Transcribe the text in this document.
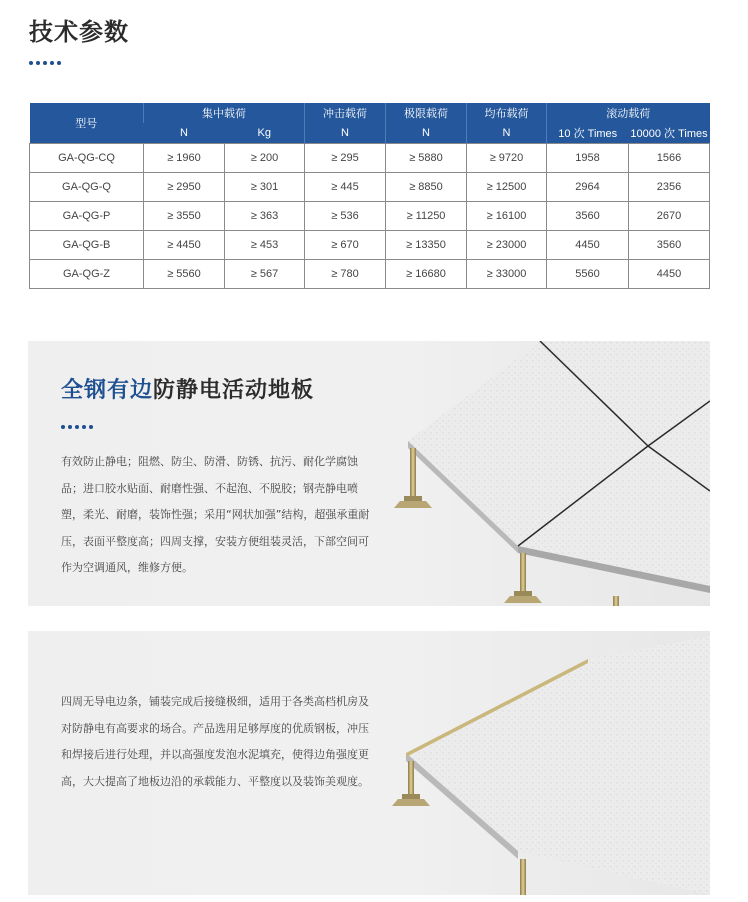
技术参数
型号	集中载荷		冲击载荷	极限载荷	均布载荷	滚动载荷	
	N	Kg	N	N	N	10 次 Times	10000 次 Times
GA-QG-CQ	≥ 1960	≥ 200	≥ 295	≥ 5880	≥ 9720	1958	1566
GA-QG-Q	≥ 2950	≥ 301	≥ 445	≥ 8850	≥ 12500	2964	2356
GA-QG-P	≥ 3550	≥ 363	≥ 536	≥ 11250	≥ 16100	3560	2670
GA-QG-B	≥ 4450	≥ 453	≥ 670	≥ 13350	≥ 23000	4450	3560
GA-QG-Z	≥ 5560	≥ 567	≥ 780	≥ 16680	≥ 33000	5560	4450
全钢有边防静电活动地板
有效防止静电；阻燃、防尘、防滑、防锈、抗污、耐化学腐蚀品；进口胶水贴面、耐磨性强、不起泡、不脱胶；钢壳静电喷塑，柔光、耐磨，装饰性强；采用“网状加强”结构，超强承重耐压，表面平整度高；四周支撑，安装方便组装灵活，下部空间可作为空调通风，维修方便。
四周无导电边条，铺装完成后接缝极细，适用于各类高档机房及对防静电有高要求的场合。产品选用足够厚度的优质钢板，冲压和焊接后进行处理，并以高强度发泡水泥填充，使得边角强度更高，大大提高了地板边沿的承载能力、平整度以及装饰美观度。
